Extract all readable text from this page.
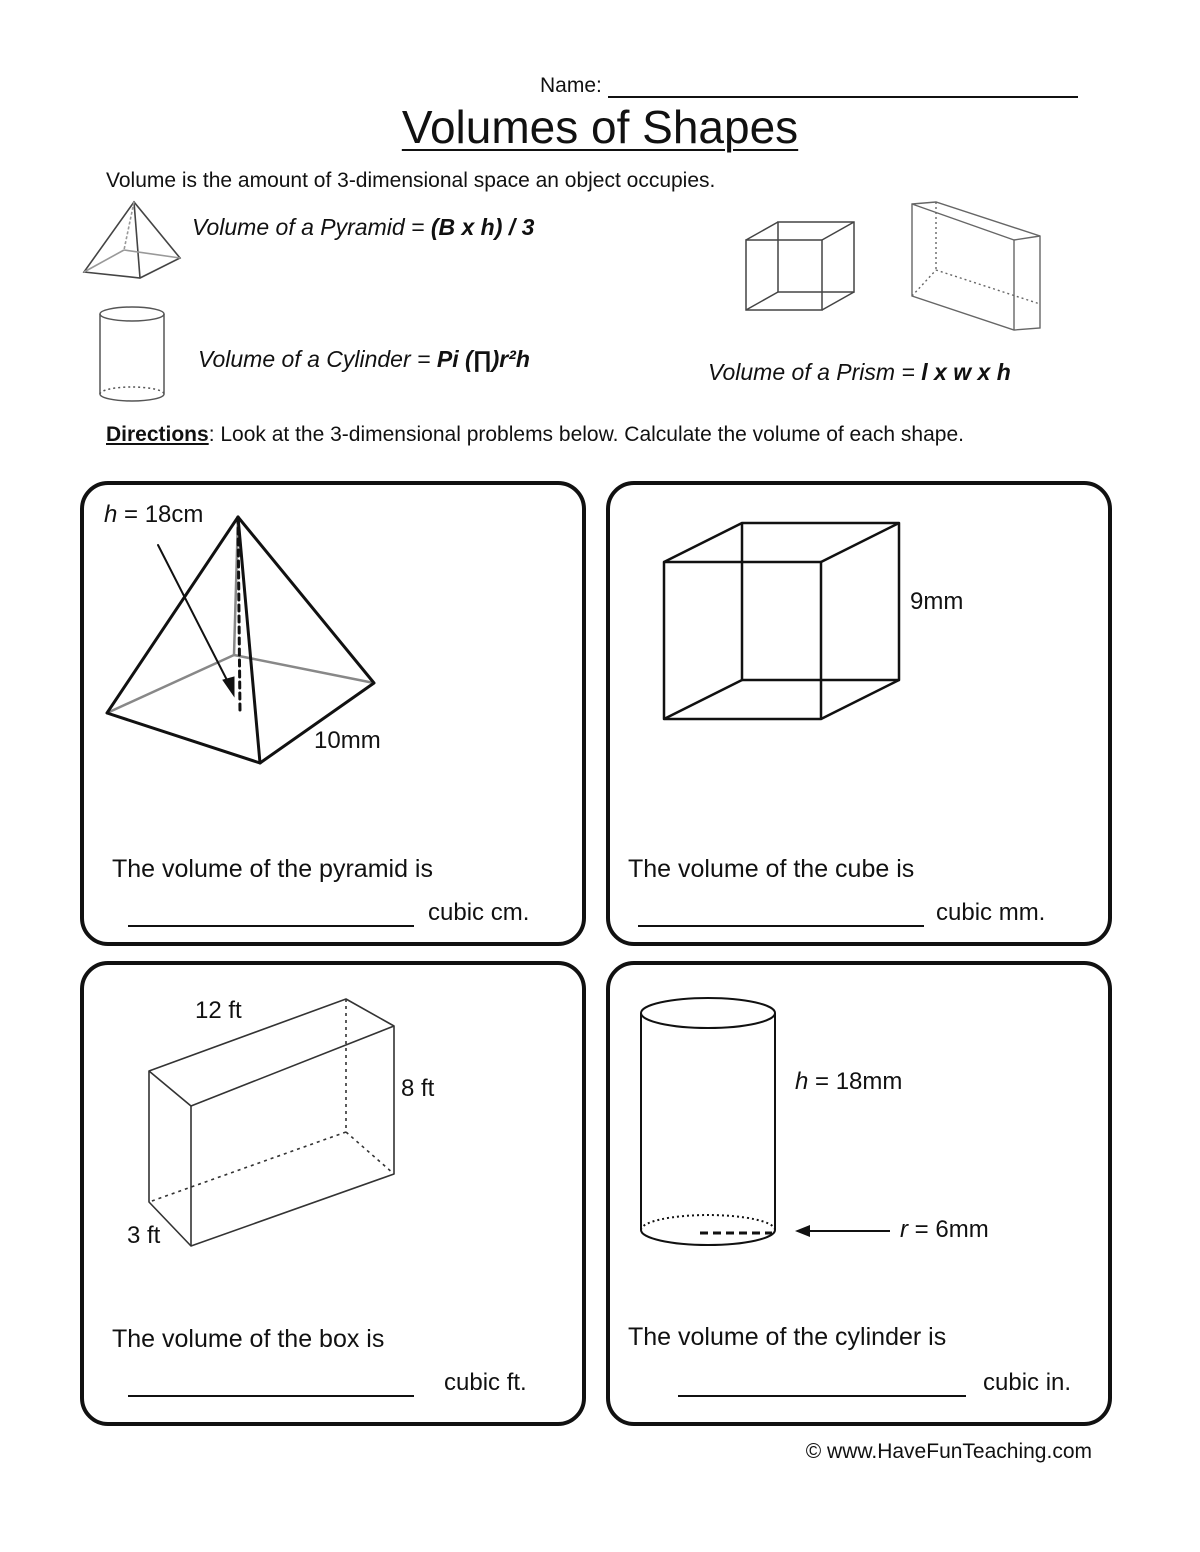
Name:
Volumes of Shapes
Volume is the amount of 3-dimensional space an object occupies.
Volume of a Pyramid = (B x h) / 3
Volume of a Cylinder = Pi (∏)r²h	Volume of a Prism = l x w x h
Directions: Look at the 3-dimensional problems below. Calculate the volume of each shape.
h = 18cm
10mm
The volume of the pyramid is
cubic cm.
9mm
The volume of the cube is
cubic mm.
12 ft
8 ft
3 ft
The volume of the box is
cubic ft.
h = 18mm
r = 6mm
The volume of the cylinder is
cubic in.
© www.HaveFunTeaching.com
